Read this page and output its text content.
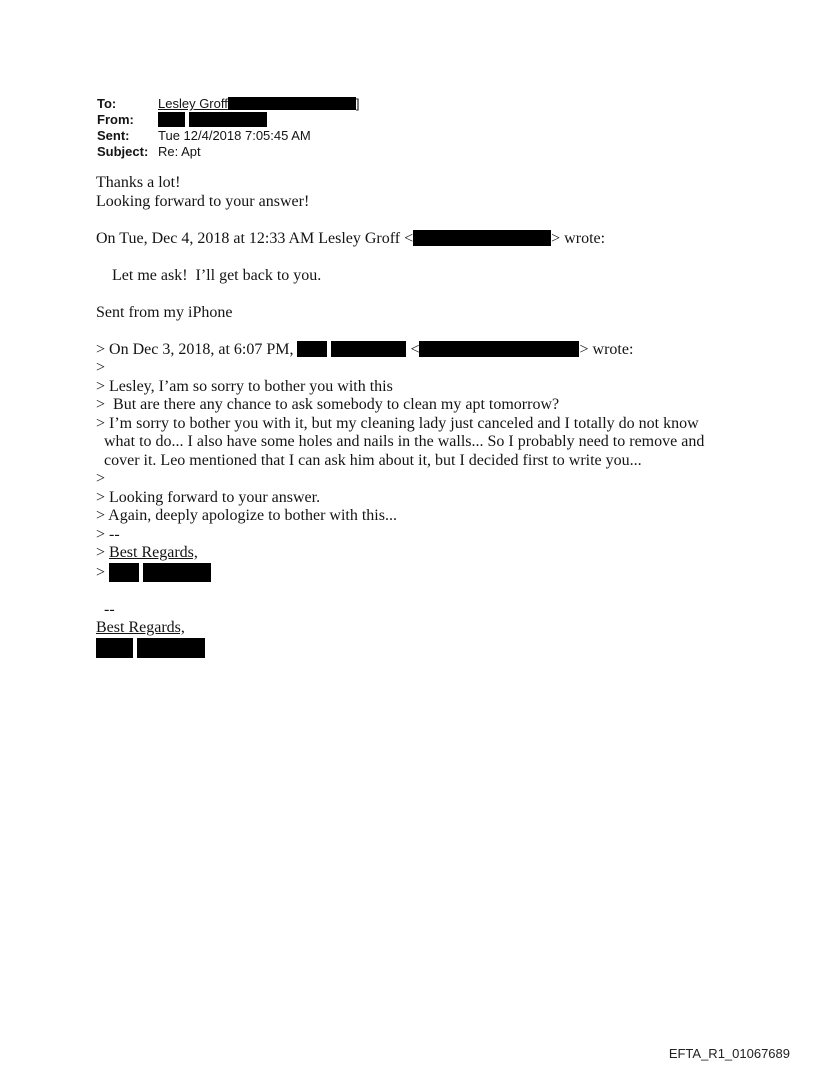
To:	Lesley Groff	]
From:

Sent:	Tue 12/4/2018 7:05:45 AM
Subject: Re: Apt
Thanks a lot!
Looking forward to your answer!
On Tue, Dec 4, 2018 at 12:33 AM Lesley Groff <	> wrote:
Let me ask!  I’ll get back to you.
Sent from my iPhone
> On Dec 3, 2018, at 6:07 PM,	<	> wrote:
>
> Lesley, I’am so sorry to bother you with this
>  But are there any chance to ask somebody to clean my apt tomorrow?
> I’m sorry to bother you with it, but my cleaning lady just canceled and I totally do not know
what to do... I also have some holes and nails in the walls... So I probably need to remove and
cover it. Leo mentioned that I can ask him about it, but I decided first to write you...
>
> Looking forward to your answer.
> Again, deeply apologize to bother with this...
> --
> Best Regards,
>
--
Best Regards,

EFTA_R1_01067689
